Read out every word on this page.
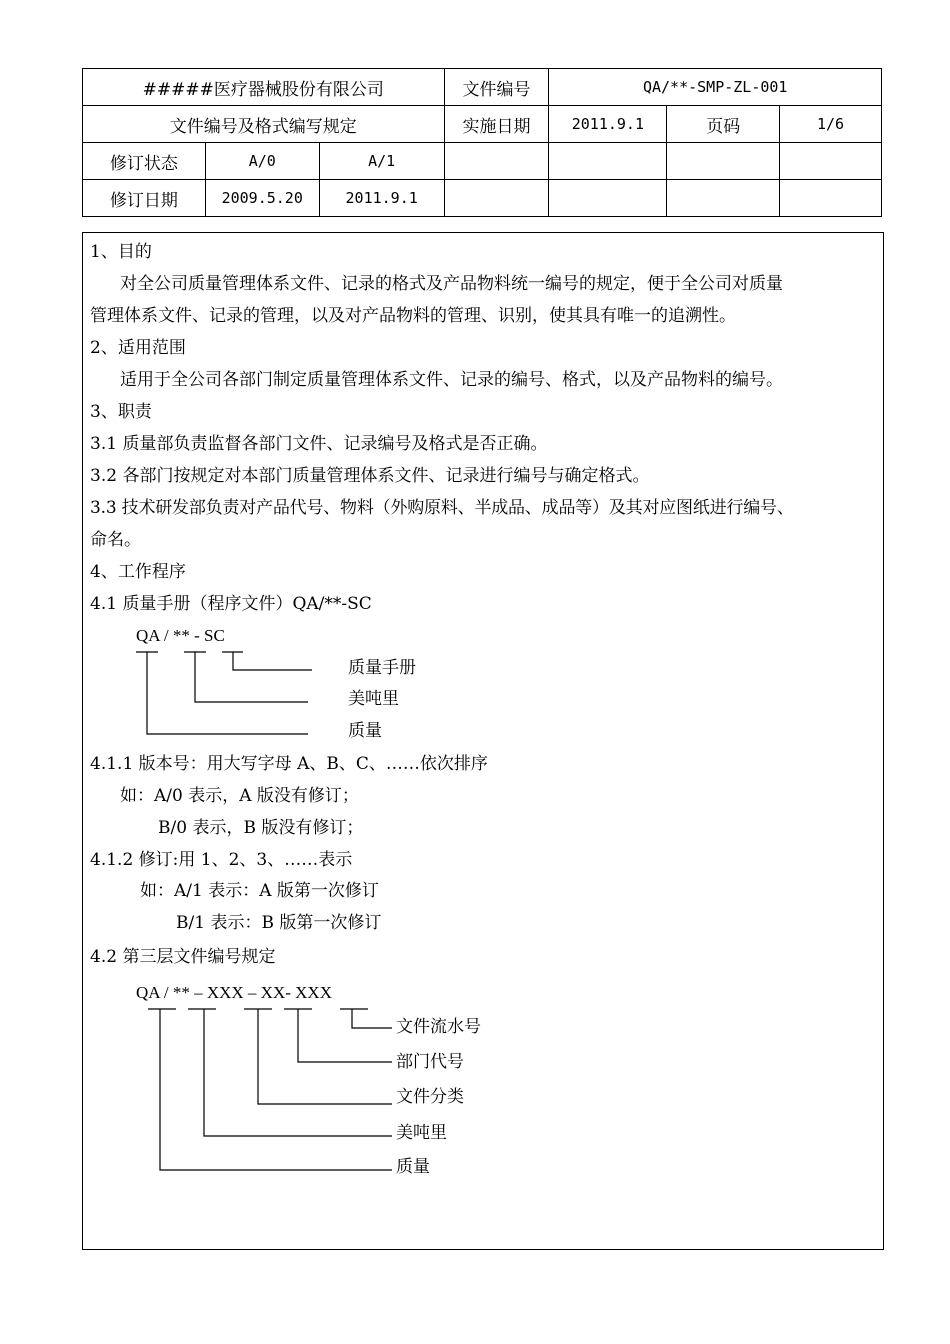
#####医疗器械股份有限公司			文件编号	QA/**-SMP-ZL-001		
文件编号及格式编写规定			实施日期	2011.9.1	页码	1/6
修订状态	A/0	A/1				
修订日期	2009.5.20	2011.9.1				
1、目的
对全公司质量管理体系文件、记录的格式及产品物料统一编号的规定，便于全公司对质量
管理体系文件、记录的管理，以及对产品物料的管理、识别，使其具有唯一的追溯性。
2、适用范围
适用于全公司各部门制定质量管理体系文件、记录的编号、格式，以及产品物料的编号。
3、职责
3.1 质量部负责监督各部门文件、记录编号及格式是否正确。
3.2 各部门按规定对本部门质量管理体系文件、记录进行编号与确定格式。
3.3 技术研发部负责对产品代号、物料（外购原料、半成品、成品等）及其对应图纸进行编号、
命名。
4、工作程序
4.1 质量手册（程序文件）QA/**-SC
QA / ** - SC
质量手册
美吨里
质量
4.1.1 版本号：用大写字母 A、B、C、……依次排序
如：A/0 表示，A 版没有修订；
B/0 表示，B 版没有修订；
4.1.2 修订:用 1、2、3、……表示
如：A/1 表示：A 版第一次修订
B/1 表示：B 版第一次修订
4.2 第三层文件编号规定
QA / ** – XXX – XX- XXX
文件流水号
部门代号
文件分类
美吨里
质量
